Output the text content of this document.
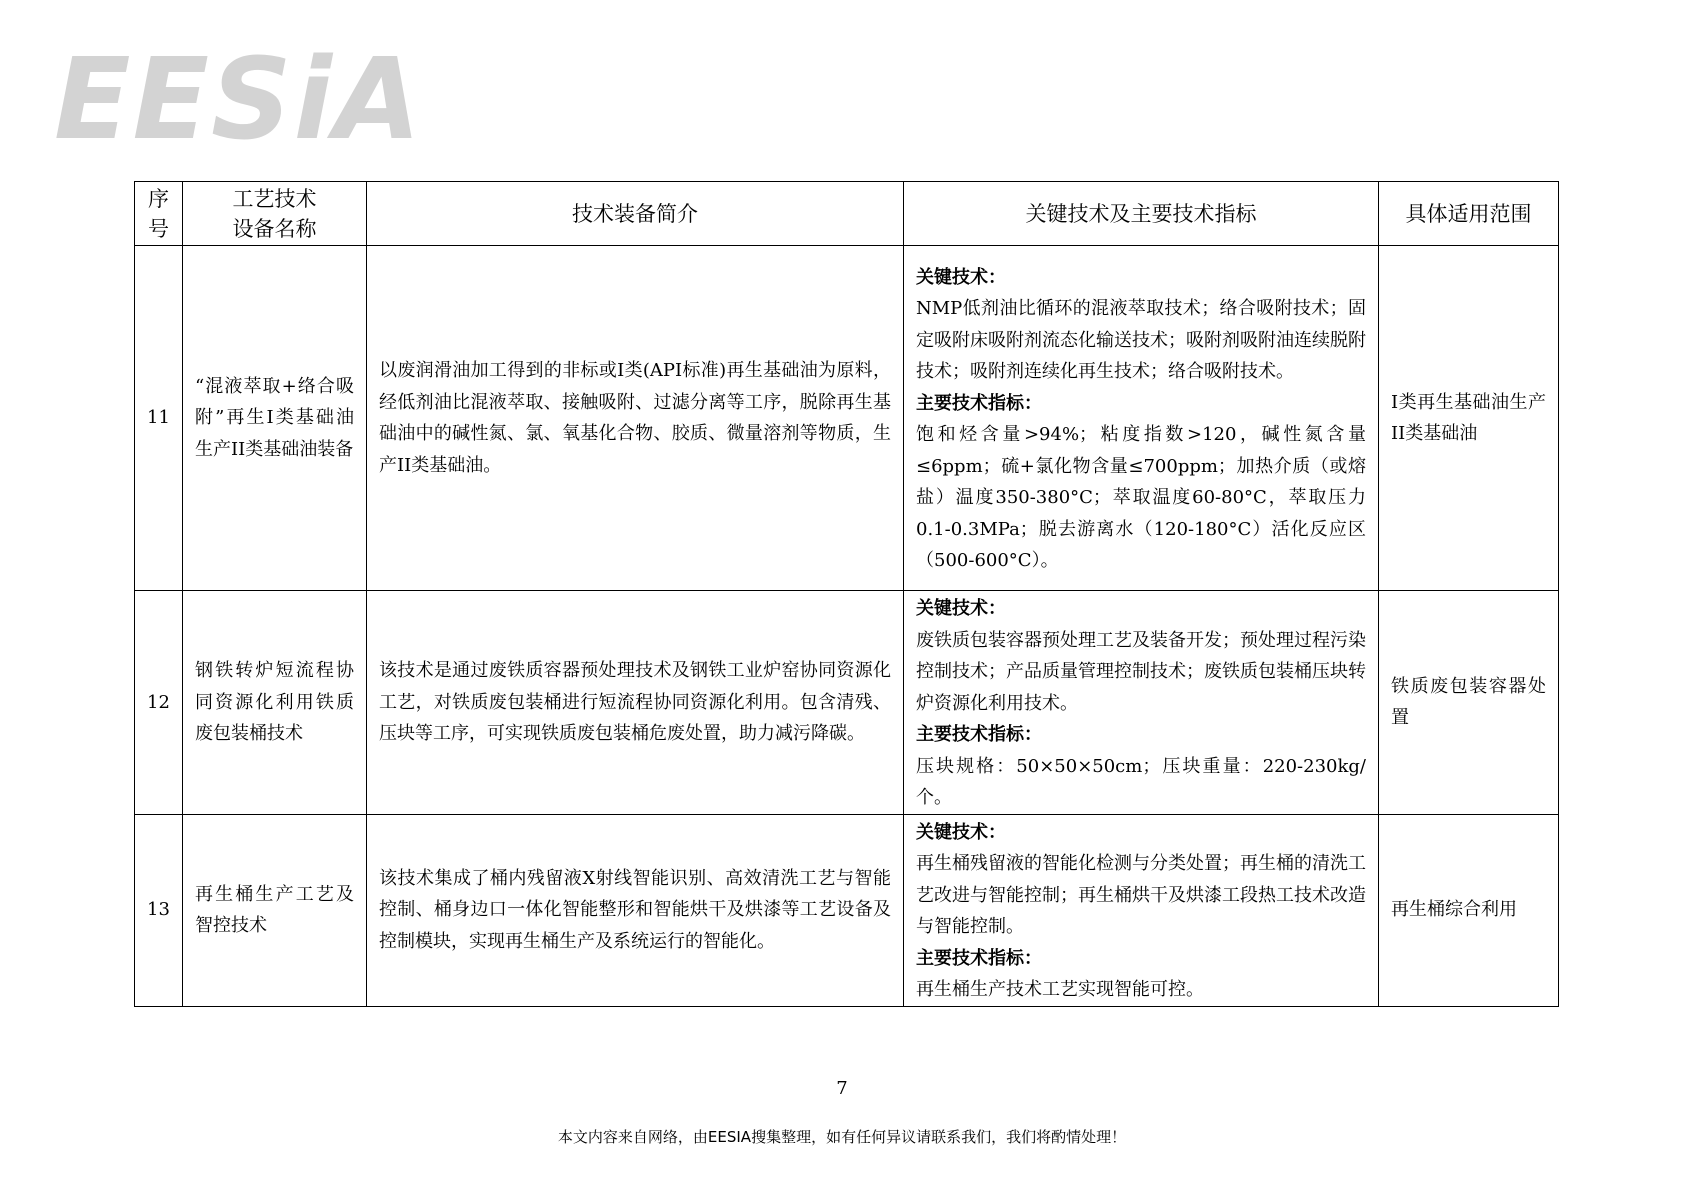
EESiA
序号	工艺技术设备名称	技术装备简介	关键技术及主要技术指标	具体适用范围
11	“混液萃取+络合吸附”再生I类基础油生产II类基础油装备	以废润滑油加工得到的非标或I类(API标准)再生基础油为原料，经低剂油比混液萃取、接触吸附、过滤分离等工序，脱除再生基础油中的碱性氮、氯、氧基化合物、胶质、微量溶剂等物质，生产II类基础油。	关键技术：
NMP低剂油比循环的混液萃取技术；络合吸附技术；固定吸附床吸附剂流态化输送技术；吸附剂吸附油连续脱附技术；吸附剂连续化再生技术；络合吸附技术。
主要技术指标：
饱和烃含量>94%；粘度指数>120，碱性氮含量≤6ppm；硫+氯化物含量≤700ppm；加热介质（或熔盐）温度350-380°C；萃取温度60-80°C，萃取压力0.1-0.3MPa；脱去游离水（120-180°C）活化反应区（500-600°C）。	I类再生基础油生产II类基础油
12	钢铁转炉短流程协同资源化利用铁质废包装桶技术	该技术是通过废铁质容器预处理技术及钢铁工业炉窑协同资源化工艺，对铁质废包装桶进行短流程协同资源化利用。包含清残、压块等工序，可实现铁质废包装桶危废处置，助力减污降碳。	关键技术：
废铁质包装容器预处理工艺及装备开发；预处理过程污染控制技术；产品质量管理控制技术；废铁质包装桶压块转炉资源化利用技术。
主要技术指标：
压块规格：50×50×50cm；压块重量：220-230kg/个。	铁质废包装容器处置
13	再生桶生产工艺及智控技术	该技术集成了桶内残留液X射线智能识别、高效清洗工艺与智能控制、桶身边口一体化智能整形和智能烘干及烘漆等工艺设备及控制模块，实现再生桶生产及系统运行的智能化。	关键技术：
再生桶残留液的智能化检测与分类处置；再生桶的清洗工艺改进与智能控制；再生桶烘干及烘漆工段热工技术改造与智能控制。
主要技术指标：
再生桶生产技术工艺实现智能可控。	再生桶综合利用
7
本文内容来自网络，由EESIA搜集整理，如有任何异议请联系我们，我们将酌情处理！
